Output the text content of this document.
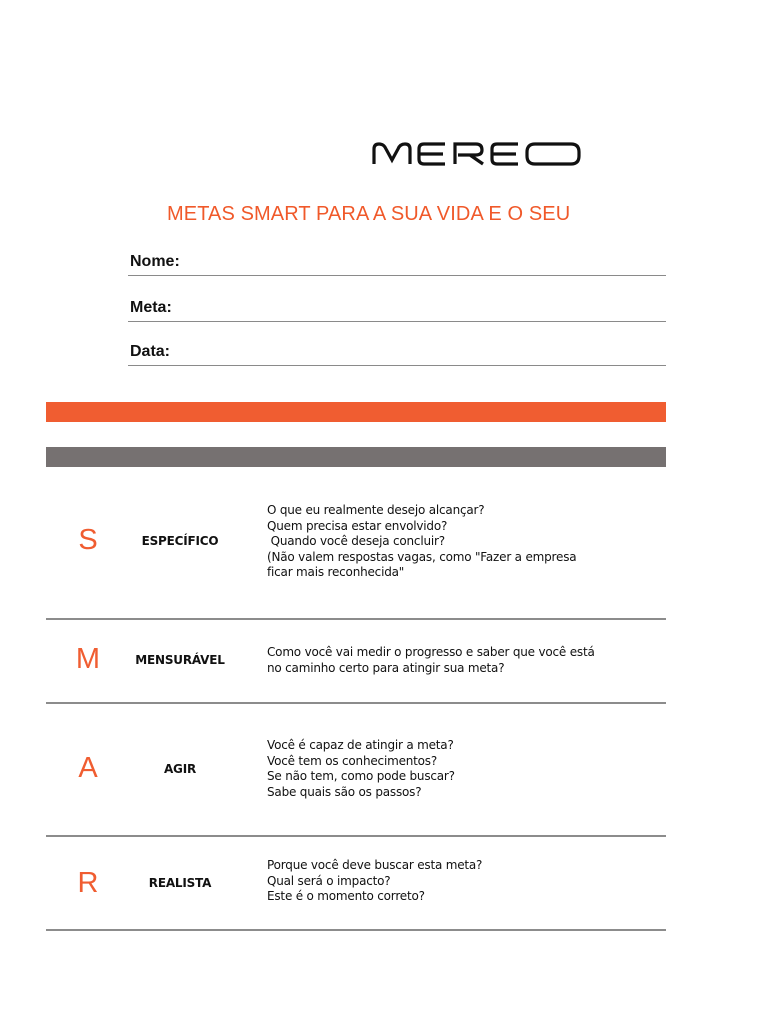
METAS SMART PARA A SUA VIDA E O SEU
Nome:
Meta:
Data:
S	ESPECÍFICO
O que eu realmente desejo alcançar?
Quem precisa estar envolvido?
Quando você deseja concluir?
(Não valem respostas vagas, como "Fazer a empresa
ficar mais reconhecida"
M	MENSURÁVEL
Como você vai medir o progresso e saber que você está
no caminho certo para atingir sua meta?
A	AGIR
Você é capaz de atingir a meta?
Você tem os conhecimentos?
Se não tem, como pode buscar?
Sabe quais são os passos?
R	REALISTA
Porque você deve buscar esta meta?
Qual será o impacto?
Este é o momento correto?
